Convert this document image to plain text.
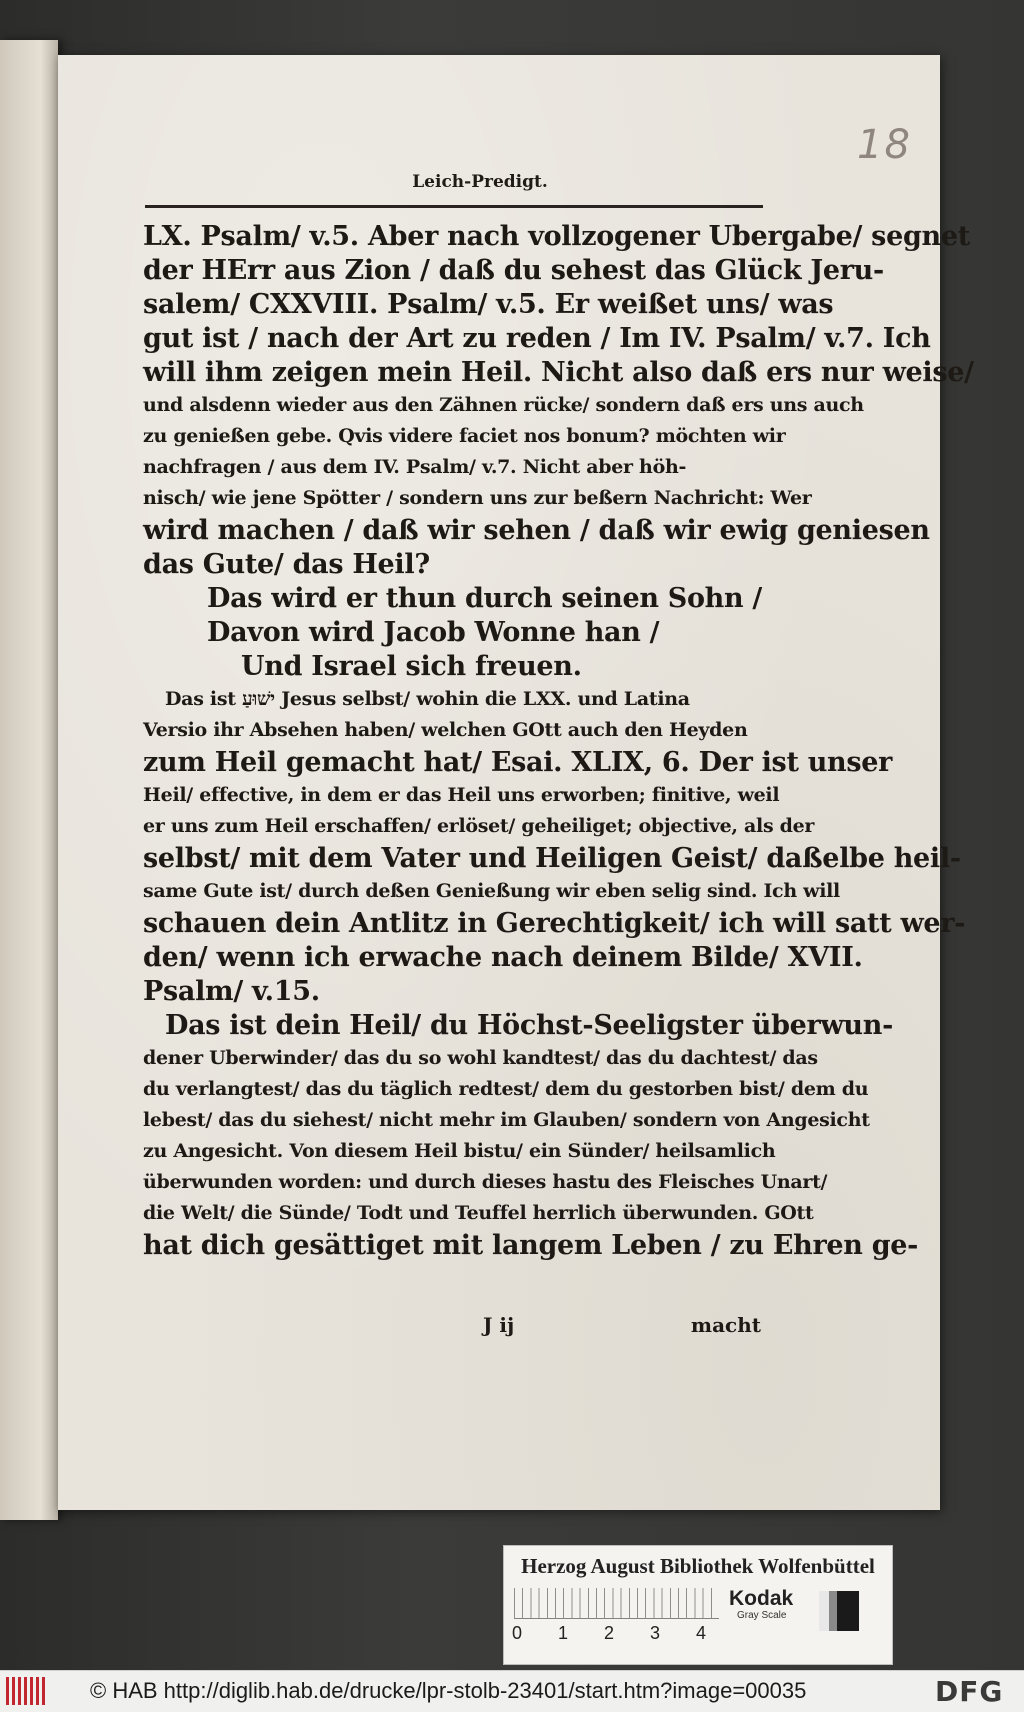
18
Leich-Predigt.
LX. Psalm/ v.5. Aber nach vollzogener Ubergabe/ segnet
der HErr aus Zion / daß du sehest das Glück Jeru-
salem/ CXXVIII. Psalm/ v.5. Er weißet uns/ was
gut ist / nach der Art zu reden / Im IV. Psalm/ v.7. Ich
will ihm zeigen mein Heil. Nicht also daß ers nur weise/
und alsdenn wieder aus den Zähnen rücke/ sondern daß ers uns auch
zu genießen gebe. Qvis videre faciet nos bonum? möchten wir
nachfragen / aus dem IV. Psalm/ v.7. Nicht aber höh-
nisch/ wie jene Spötter / sondern uns zur beßern Nachricht: Wer
wird machen / daß wir sehen / daß wir ewig geniesen
das Gute/ das Heil?
Das wird er thun durch seinen Sohn /
Davon wird Jacob Wonne han /
Und Israel sich freuen.
Das ist ישׁוּעַ Jesus selbst/ wohin die LXX. und Latina
Versio ihr Absehen haben/ welchen GOtt auch den Heyden
zum Heil gemacht hat/ Esai. XLIX, 6. Der ist unser
Heil/ effective, in dem er das Heil uns erworben; finitive, weil
er uns zum Heil erschaffen/ erlöset/ geheiliget; objective, als der
selbst/ mit dem Vater und Heiligen Geist/ daßelbe heil-
same Gute ist/ durch deßen Genießung wir eben selig sind. Ich will
schauen dein Antlitz in Gerechtigkeit/ ich will satt wer-
den/ wenn ich erwache nach deinem Bilde/ XVII.
Psalm/ v.15.
Das ist dein Heil/ du Höchst-Seeligster überwun-
dener Uberwinder/ das du so wohl kandtest/ das du dachtest/ das
du verlangtest/ das du täglich redtest/ dem du gestorben bist/ dem du
lebest/ das du siehest/ nicht mehr im Glauben/ sondern von Angesicht
zu Angesicht. Von diesem Heil bistu/ ein Sünder/ heilsamlich
überwunden worden: und durch dieses hastu des Fleisches Unart/
die Welt/ die Sünde/ Todt und Teuffel herrlich überwunden. GOtt
hat dich gesättiget mit langem Leben / zu Ehren ge-
J ij	macht
Herzog August Bibliothek Wolfenbüttel
0 1 2 3 4
Kodak
Gray Scale
© HAB http://diglib.hab.de/drucke/lpr-stolb-23401/start.htm?image=00035	DFG
